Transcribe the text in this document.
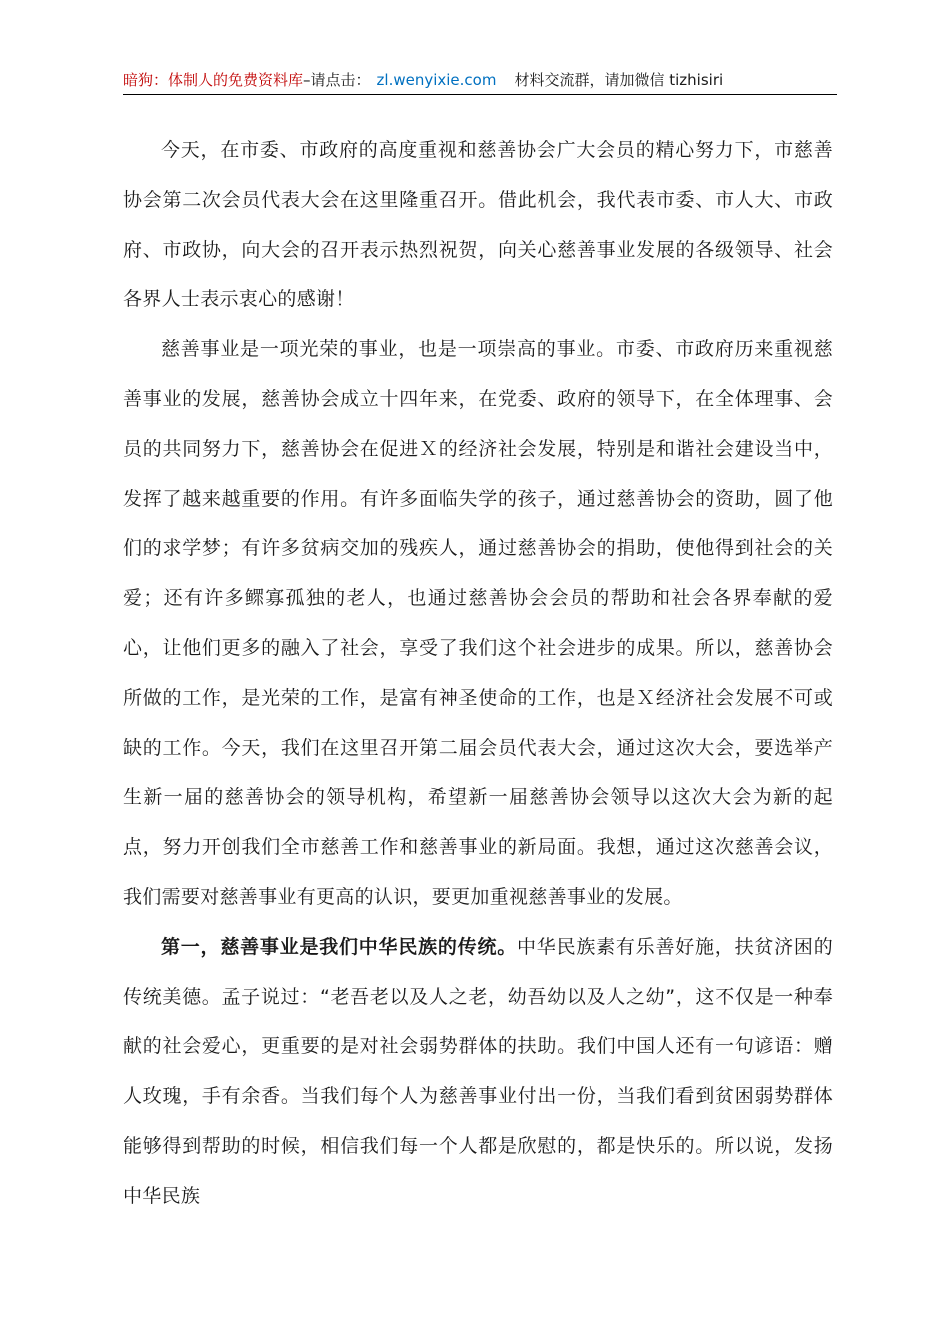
暗狗：体制人的免费资料库–请点击： zl.wenyixie.com 材料交流群，请加微信 tizhisiri

今天，在市委、市政府的高度重视和慈善协会广大会员的精心努力下，市慈善协会第二次会员代表大会在这里隆重召开。借此机会，我代表市委、市人大、市政府、市政协，向大会的召开表示热烈祝贺，向关心慈善事业发展的各级领导、社会各界人士表示衷心的感谢！

慈善事业是一项光荣的事业，也是一项崇高的事业。市委、市政府历来重视慈善事业的发展，慈善协会成立十四年来，在党委、政府的领导下，在全体理事、会员的共同努力下，慈善协会在促进Ｘ的经济社会发展，特别是和谐社会建设当中，发挥了越来越重要的作用。有许多面临失学的孩子，通过慈善协会的资助，圆了他们的求学梦；有许多贫病交加的残疾人，通过慈善协会的捐助，使他得到社会的关爱；还有许多鳏寡孤独的老人，也通过慈善协会会员的帮助和社会各界奉献的爱心，让他们更多的融入了社会，享受了我们这个社会进步的成果。所以，慈善协会所做的工作，是光荣的工作，是富有神圣使命的工作，也是Ｘ经济社会发展不可或缺的工作。今天，我们在这里召开第二届会员代表大会，通过这次大会，要选举产生新一届的慈善协会的领导机构，希望新一届慈善协会领导以这次大会为新的起点，努力开创我们全市慈善工作和慈善事业的新局面。我想，通过这次慈善会议，我们需要对慈善事业有更高的认识，要更加重视慈善事业的发展。

第一，慈善事业是我们中华民族的传统。中华民族素有乐善好施，扶贫济困的传统美德。孟子说过：“老吾老以及人之老，幼吾幼以及人之幼”，这不仅是一种奉献的社会爱心，更重要的是对社会弱势群体的扶助。我们中国人还有一句谚语：赠人玫瑰，手有余香。当我们每个人为慈善事业付出一份，当我们看到贫困弱势群体能够得到帮助的时候，相信我们每一个人都是欣慰的，都是快乐的。所以说，发扬中华民族
